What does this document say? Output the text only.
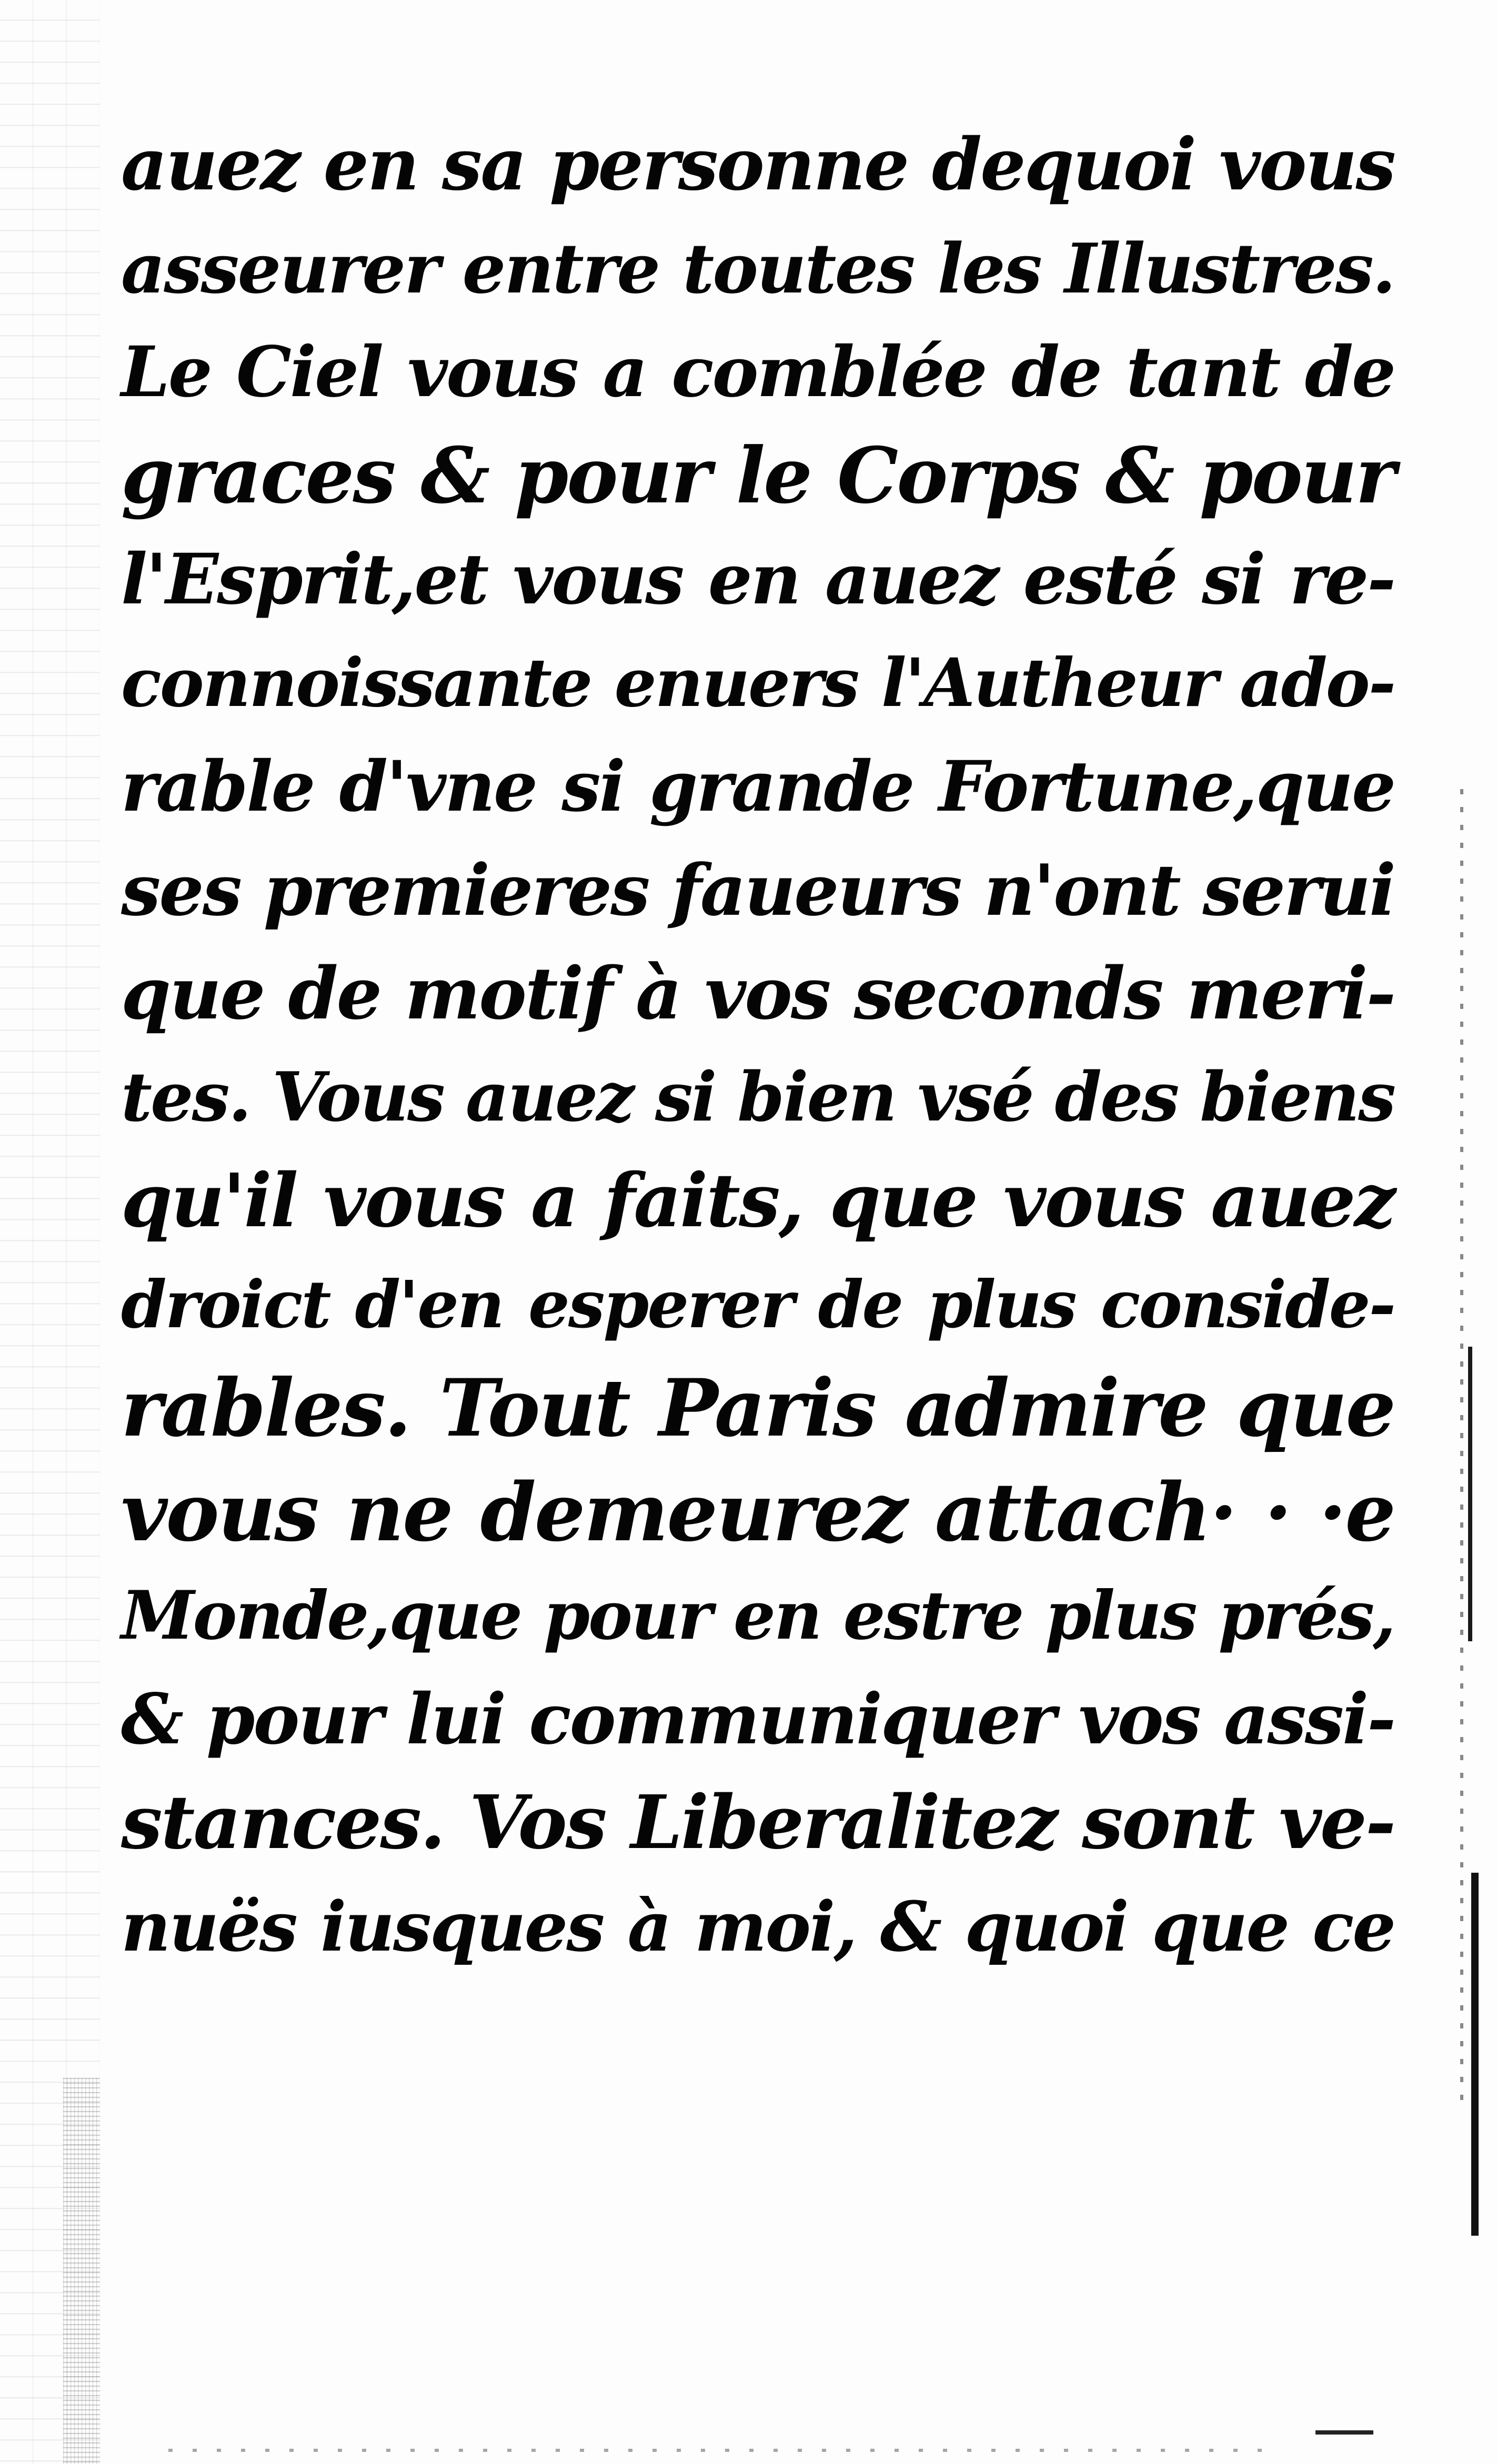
auez en sa personne dequoi vous
asseurer entre toutes les Illustres.
Le Ciel vous a comblée de tant de
graces & pour le Corps & pour
l'Esprit,et vous en auez esté si re-
connoissante enuers l'Autheur ado-
rable d'vne si grande Fortune,que
ses premieres faueurs n'ont serui
que de motif à vos seconds meri-
tes. Vous auez si bien vsé des biens
qu'il vous a faits, que vous auez
droict d'en esperer de plus conside-
rables. Tout Paris admire que
vous ne demeurez attach· · ·e
Monde,que pour en estre plus prés,
& pour lui communiquer vos assi-
stances. Vos Liberalitez sont ve-
nuës iusques à moi, & quoi que ce
